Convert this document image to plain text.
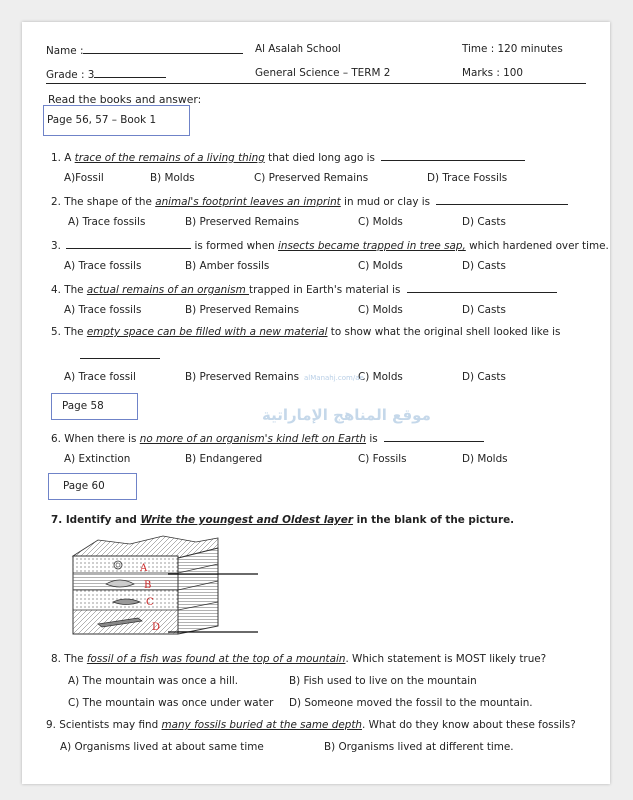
Name :	Al Asalah School	Time : 120 minutes
Grade : 3	General Science – TERM 2	Marks : 100
Read the books and answer:
Page 56, 57 – Book 1
1. A trace of the remains of a living thing that died long ago is
A)Fossil	B) Molds	C) Preserved Remains	D) Trace Fossils
2. The shape of the animal's footprint leaves an imprint in mud or clay is
A) Trace fossils	B) Preserved Remains	C) Molds	D) Casts
3.	is formed when insects became trapped in tree sap, which hardened over time.
A) Trace fossils	B) Amber fossils	C) Molds	D) Casts
4. The actual remains of an organism trapped in Earth's material is
A) Trace fossils	B) Preserved Remains	C) Molds	D) Casts
5. The empty space can be filled with a new material to show what the original shell looked like is
A) Trace fossil	B) Preserved Remains	C) Molds	D) Casts
alManahj.com/ae
موقع المناهج الإماراتية
Page 58
6. When there is no more of an organism's kind left on Earth is
A) Extinction	B) Endangered	C) Fossils	D) Molds
Page 60
7. Identify and Write the youngest and Oldest layer in the blank of the picture.
A
B
C
D
8. The fossil of a fish was found at the top of a mountain. Which statement is MOST likely true?
A) The mountain was once a hill.	B) Fish used to live on the mountain
C) The mountain was once under water D) Someone moved the fossil to the mountain.
9. Scientists may find many fossils buried at the same depth. What do they know about these fossils?
A) Organisms lived at about same time	B) Organisms lived at different time.
